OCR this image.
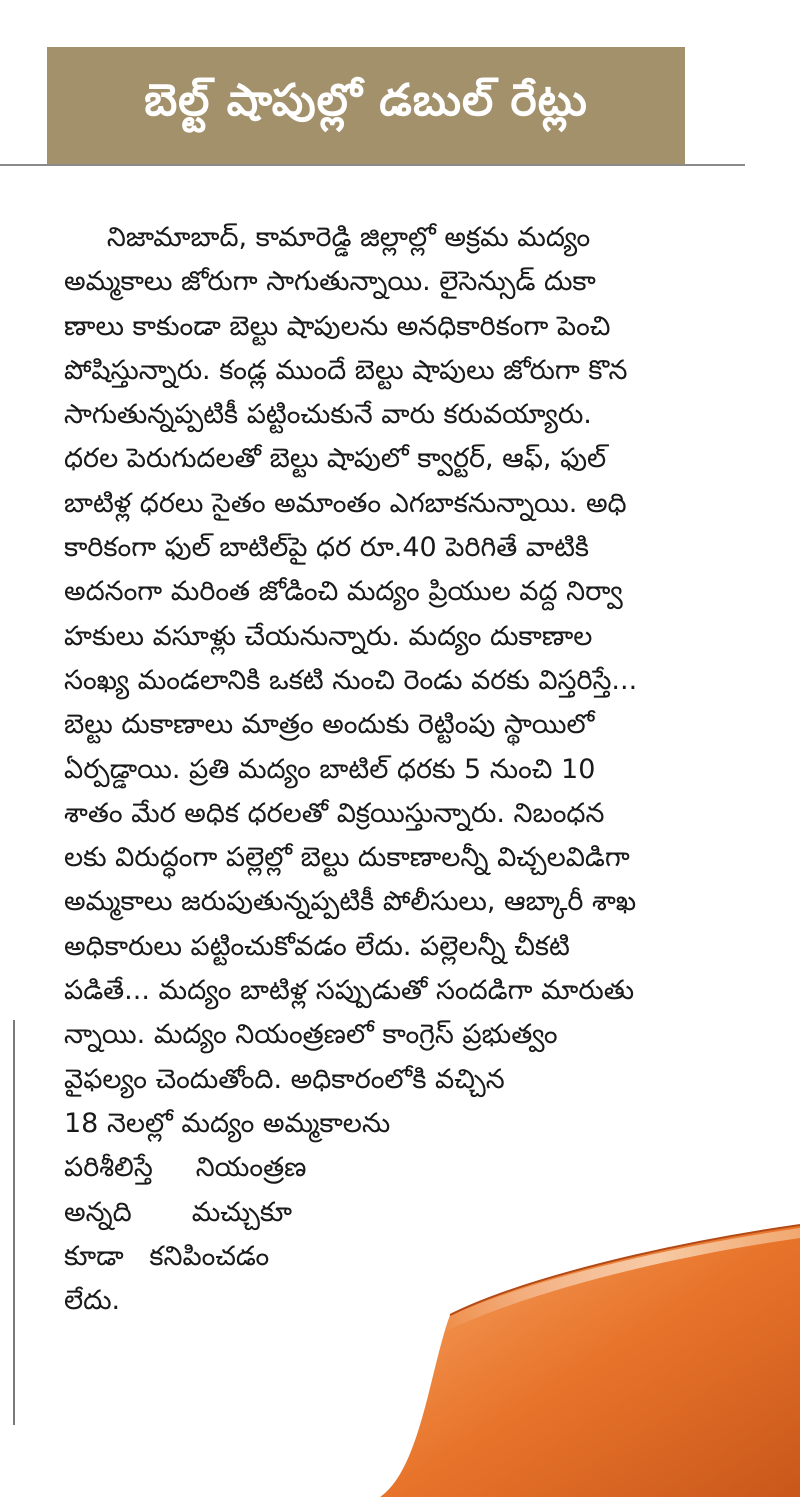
బెల్ట్ షాపుల్లో డబుల్ రేట్లు
నిజామాబాద్, కామారెడ్డి జిల్లాల్లో అక్రమ మద్యం
అమ్మకాలు జోరుగా సాగుతున్నాయి. లైసెన్సుడ్ దుకా
ణాలు కాకుండా బెల్టు షాపులను అనధికారికంగా పెంచి
పోషిస్తున్నారు. కండ్ల ముందే బెల్టు షాపులు జోరుగా కొన
సాగుతున్నప్పటికీ పట్టించుకునే వారు కరువయ్యారు.
ధరల పెరుగుదలతో బెల్టు షాపులో క్వార్టర్, ఆఫ్, ఫుల్
బాటిళ్ల ధరలు సైతం అమాంతం ఎగబాకనున్నాయి. అధి
కారికంగా ఫుల్ బాటిల్‌పై ధర రూ.40 పెరిగితే వాటికి
అదనంగా మరింత జోడించి మద్యం ప్రియుల వద్ద నిర్వా
హకులు వసూళ్లు చేయనున్నారు. మద్యం దుకాణాల
సంఖ్య మండలానికి ఒకటి నుంచి రెండు వరకు విస్తరిస్తే...
బెల్టు దుకాణాలు మాత్రం అందుకు రెట్టింపు స్థాయిలో
ఏర్పడ్డాయి. ప్రతి మద్యం బాటిల్ ధరకు 5 నుంచి 10
శాతం మేర అధిక ధరలతో విక్రయిస్తున్నారు. నిబంధన
లకు విరుద్ధంగా పల్లెల్లో బెల్టు దుకాణాలన్నీ విచ్చలవిడిగా
అమ్మకాలు జరుపుతున్నప్పటికీ పోలీసులు, ఆబ్కారీ శాఖ
అధికారులు పట్టించుకోవడం లేదు. పల్లెలన్నీ చీకటి
పడితే... మద్యం బాటిళ్ల సప్పుడుతో సందడిగా మారుతు
న్నాయి. మద్యం నియంత్రణలో కాంగ్రెస్ ప్రభుత్వం
వైఫల్యం చెందుతోంది. అధికారంలోకి వచ్చిన
18 నెలల్లో మద్యం అమ్మకాలను
పరిశీలిస్తే     నియంత్రణ
అన్నది       మచ్చుకూ
కూడా   కనిపించడం
లేదు.
